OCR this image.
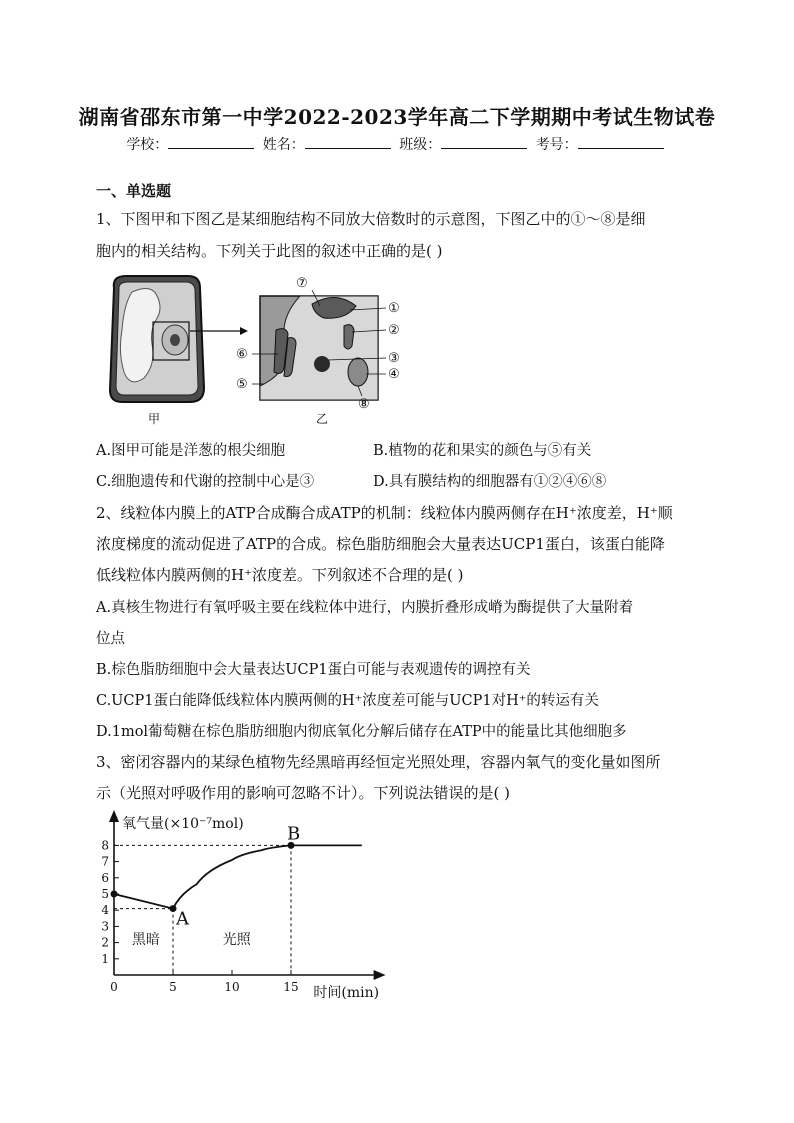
湖南省邵东市第一中学2022-2023学年高二下学期期中考试生物试卷
学校：	姓名：	班级：	考号：
一、单选题
1、下图甲和下图乙是某细胞结构不同放大倍数时的示意图，下图乙中的①～⑧是细
胞内的相关结构。下列关于此图的叙述中正确的是( )
⑦
①
②
③
④
⑧
⑥
⑤
甲	乙
A.图甲可能是洋葱的根尖细胞	B.植物的花和果实的颜色与⑤有关
C.细胞遗传和代谢的控制中心是③	D.具有膜结构的细胞器有①②④⑥⑧
2、线粒体内膜上的ATP合成酶合成ATP的机制：线粒体内膜两侧存在H⁺浓度差，H⁺顺
浓度梯度的流动促进了ATP的合成。棕色脂肪细胞会大量表达UCP1蛋白，该蛋白能降
低线粒体内膜两侧的H⁺浓度差。下列叙述不合理的是( )
A.真核生物进行有氧呼吸主要在线粒体中进行，内膜折叠形成嵴为酶提供了大量附着
位点
B.棕色脂肪细胞中会大量表达UCP1蛋白可能与表观遗传的调控有关
C.UCP1蛋白能降低线粒体内膜两侧的H⁺浓度差可能与UCP1对H⁺的转运有关
D.1mol葡萄糖在棕色脂肪细胞内彻底氧化分解后储存在ATP中的能量比其他细胞多
3、密闭容器内的某绿色植物先经黑暗再经恒定光照处理，容器内氧气的变化量如图所
示（光照对呼吸作用的影响可忽略不计）。下列说法错误的是( )
1
2
3
4
5
6
7
8
0	5	10	15
A
B
黑暗	光照
氧气量(×10⁻⁷mol)
时间(min)
